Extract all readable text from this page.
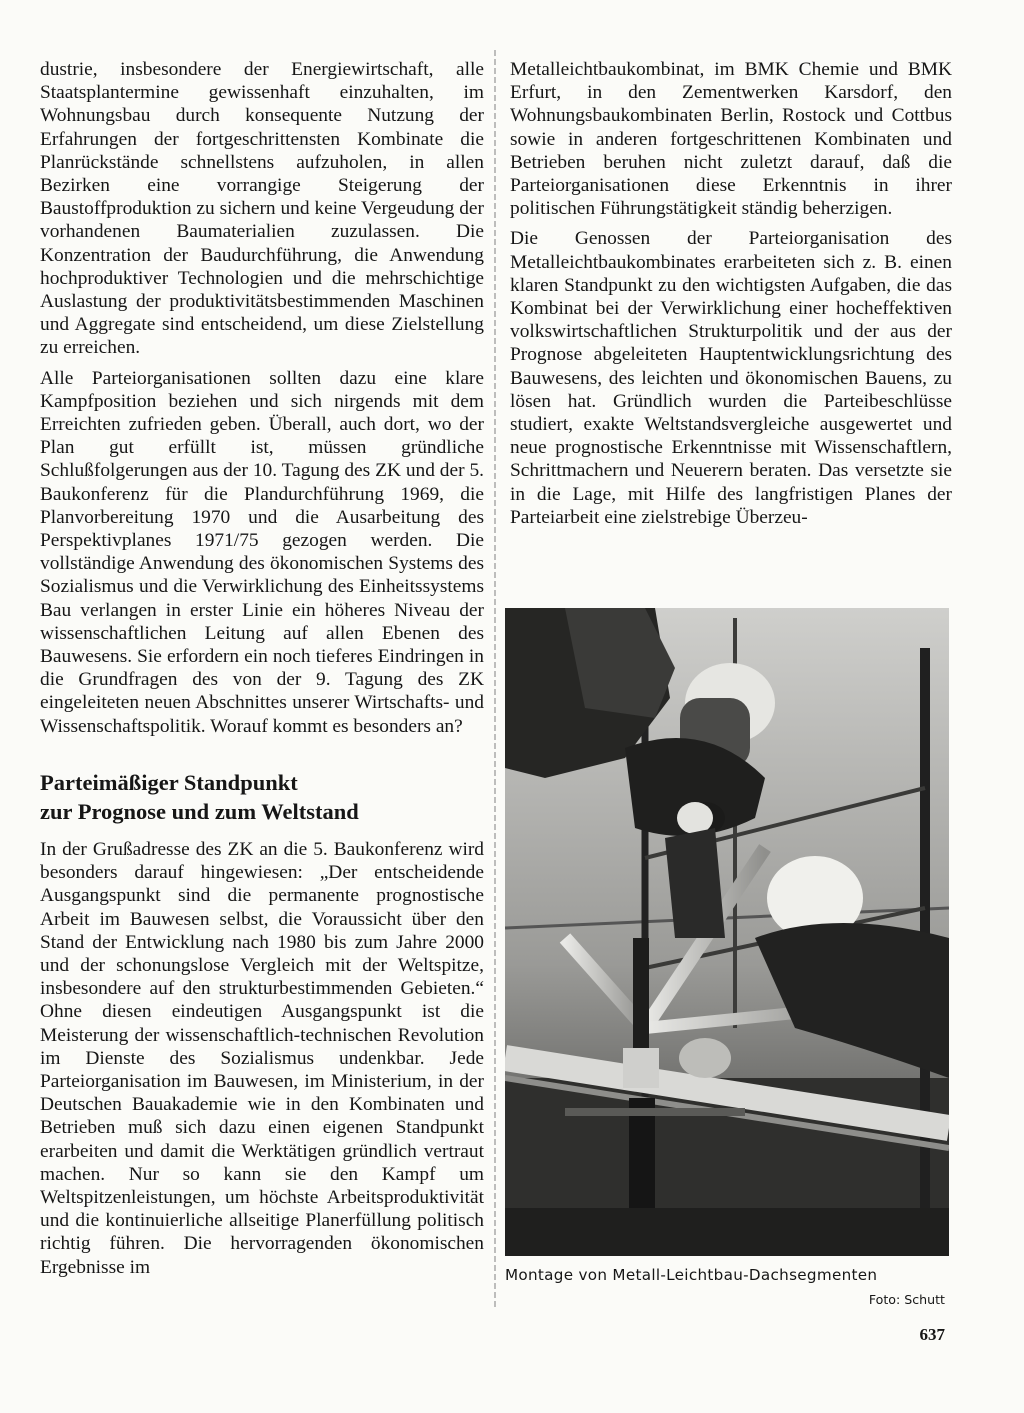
dustrie, insbesondere der Energiewirtschaft, alle Staatsplantermine gewissenhaft einzuhalten, im Wohnungsbau durch konsequente Nutzung der Erfahrungen der fortgeschrittensten Kombinate die Planrückstände schnellstens aufzuholen, in allen Bezirken eine vorrangige Steigerung der Baustoffproduktion zu sichern und keine Vergeudung der vorhandenen Baumaterialien zuzulassen. Die Konzentration der Baudurchführung, die Anwendung hochproduktiver Technologien und die mehrschichtige Auslastung der produktivitätsbestimmenden Maschinen und Aggregate sind entscheidend, um diese Zielstellung zu erreichen.

Alle Parteiorganisationen sollten dazu eine klare Kampfposition beziehen und sich nirgends mit dem Erreichten zufrieden geben. Überall, auch dort, wo der Plan gut erfüllt ist, müssen gründliche Schlußfolgerungen aus der 10. Tagung des ZK und der 5. Baukonferenz für die Plandurchführung 1969, die Planvorbereitung 1970 und die Ausarbeitung des Perspektivplanes 1971/75 gezogen werden. Die vollständige Anwendung des ökonomischen Systems des Sozialismus und die Verwirklichung des Einheitssystems Bau verlangen in erster Linie ein höheres Niveau der wissenschaftlichen Leitung auf allen Ebenen des Bauwesens. Sie erfordern ein noch tieferes Eindringen in die Grundfragen des von der 9. Tagung des ZK eingeleiteten neuen Abschnittes unserer Wirtschafts- und Wissenschaftspolitik. Worauf kommt es besonders an?

Parteimäßiger Standpunkt
zur Prognose und zum Weltstand

In der Grußadresse des ZK an die 5. Baukonferenz wird besonders darauf hingewiesen: „Der entscheidende Ausgangspunkt sind die permanente prognostische Arbeit im Bauwesen selbst, die Voraussicht über den Stand der Entwicklung nach 1980 bis zum Jahre 2000 und der schonungslose Vergleich mit der Weltspitze, insbesondere auf den strukturbestimmenden Gebieten.“ Ohne diesen eindeutigen Ausgangspunkt ist die Meisterung der wissenschaftlich-technischen Revolution im Dienste des Sozialismus undenkbar. Jede Parteiorganisation im Bauwesen, im Ministerium, in der Deutschen Bauakademie wie in den Kombinaten und Betrieben muß sich dazu einen eigenen Standpunkt erarbeiten und damit die Werktätigen gründlich vertraut machen. Nur so kann sie den Kampf um Weltspitzenleistungen, um höchste Arbeitsproduktivität und die kontinuierliche allseitige Planerfüllung politisch richtig führen. Die hervorragenden ökonomischen Ergebnisse im

Metalleichtbaukombinat, im BMK Chemie und BMK Erfurt, in den Zementwerken Karsdorf, den Wohnungsbaukombinaten Berlin, Rostock und Cottbus sowie in anderen fortgeschrittenen Kombinaten und Betrieben beruhen nicht zuletzt darauf, daß die Parteiorganisationen diese Erkenntnis in ihrer politischen Führungstätigkeit ständig beherzigen.

Die Genossen der Parteiorganisation des Metalleichtbaukombinates erarbeiteten sich z. B. einen klaren Standpunkt zu den wichtigsten Aufgaben, die das Kombinat bei der Verwirklichung einer hocheffektiven volkswirtschaftlichen Strukturpolitik und der aus der Prognose abgeleiteten Hauptentwicklungsrichtung des Bauwesens, des leichten und ökonomischen Bauens, zu lösen hat. Gründlich wurden die Parteibeschlüsse studiert, exakte Weltstandsvergleiche ausgewertet und neue prognostische Erkenntnisse mit Wissenschaftlern, Schrittmachern und Neuerern beraten. Das versetzte sie in die Lage, mit Hilfe des langfristigen Planes der Parteiarbeit eine zielstrebige Überzeu-

Montage von Metall-Leichtbau-Dachsegmenten
Foto: Schutt
637
